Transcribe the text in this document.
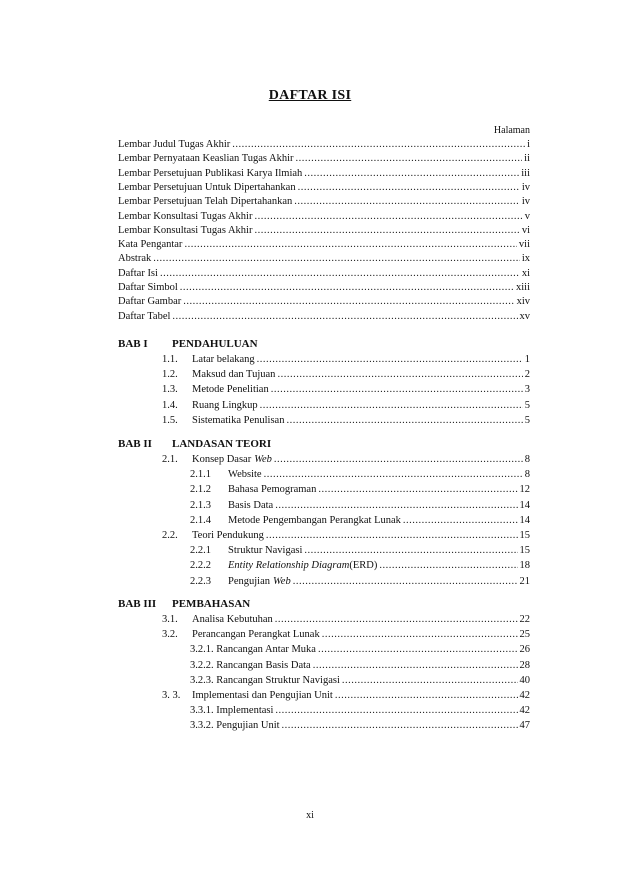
DAFTAR ISI
Halaman
Lembar Judul Tugas Akhir .....	i
Lembar Pernyataan Keaslian Tugas Akhir .....	ii
Lembar Persetujuan Publikasi Karya Ilmiah .....	iii
Lembar Persetujuan Untuk Dipertahankan .....	iv
Lembar Persetujuan Telah Dipertahankan .....	iv
Lembar Konsultasi Tugas Akhir .....	v
Lembar Konsultasi Tugas Akhir .....	vi
Kata Pengantar .....	vii
Abstrak .....	ix
Daftar Isi .....	xi
Daftar Simbol .....	xiii
Daftar Gambar .....	xiv
Daftar Tabel .....	xv
BAB I	PENDAHULUAN
1.1.	Latar belakang .....	1
1.2.	Maksud dan Tujuan .....	2
1.3.	Metode Penelitian .....	3
1.4.	Ruang Lingkup .....	5
1.5.	Sistematika Penulisan .....	5
BAB II	LANDASAN TEORI
2.1.	Konsep Dasar Web .....	8
2.1.1	Website .....	8
2.1.2	Bahasa Pemograman .....	12
2.1.3	Basis Data .....	14
2.1.4	Metode Pengembangan Perangkat Lunak .....	14
2.2.	Teori Pendukung .....	15
2.2.1	Struktur Navigasi .....	15
2.2.2	Entity Relationship Diagram (ERD) .....	18
2.2.3	Pengujian Web .....	21
BAB III	PEMBAHASAN
3.1.	Analisa Kebutuhan .....	22
3.2.	Perancangan Perangkat Lunak .....	25
3.2.1. Rancangan Antar Muka .....	26
3.2.2. Rancangan Basis Data .....	28
3.2.3. Rancangan Struktur Navigasi .....	40
3. 3.	Implementasi dan Pengujian Unit .....	42
3.3.1. Implementasi .....	42
3.3.2. Pengujian Unit .....	47
xi
